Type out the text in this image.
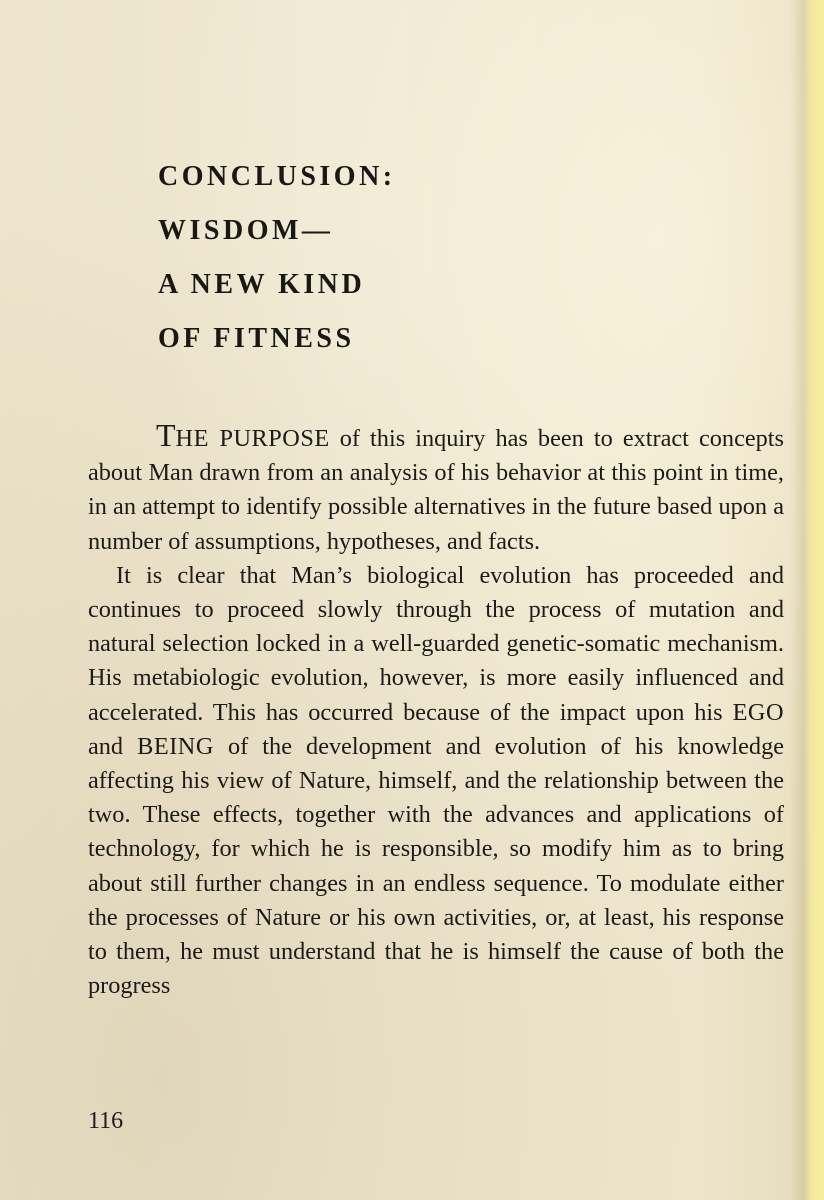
CONCLUSION:
WISDOM—
A NEW KIND
OF FITNESS

THE PURPOSE of this inquiry has been to extract concepts about Man drawn from an analysis of his behavior at this point in time, in an attempt to identify possible alternatives in the future based upon a number of assumptions, hypotheses, and facts.

It is clear that Man’s biological evolution has proceeded and continues to proceed slowly through the process of mutation and natural selection locked in a well-guarded genetic-somatic mechanism. His metabiologic evolution, however, is more easily influenced and accelerated. This has occurred because of the impact upon his EGO and BEING of the development and evolution of his knowledge affecting his view of Nature, himself, and the relationship between the two. These effects, together with the advances and applications of technology, for which he is responsible, so modify him as to bring about still further changes in an endless sequence. To modulate either the processes of Nature or his own activities, or, at least, his response to them, he must understand that he is himself the cause of both the progress

116
